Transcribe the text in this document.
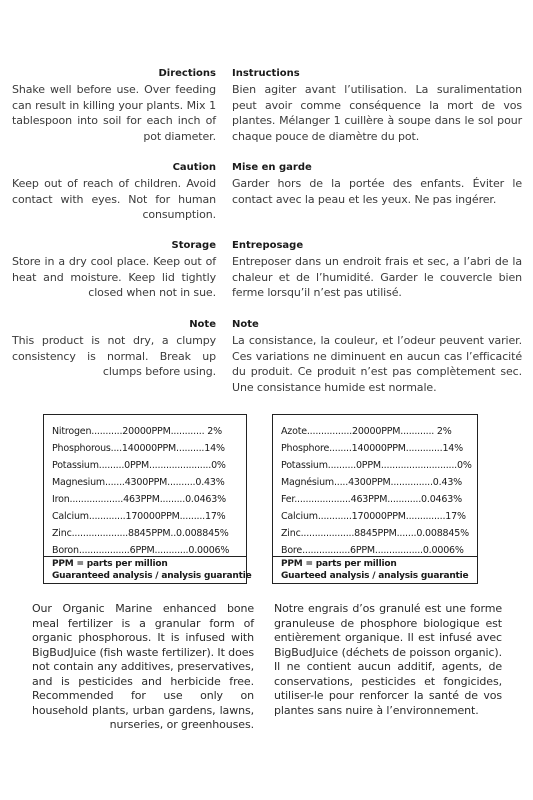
Directions
Shake well before use. Over feeding can result in killing your plants. Mix 1 tablespoon into soil for each inch of pot diameter.
Instructions
Bien agiter avant l’utilisation. La suralimentation peut avoir comme conséquence la mort de vos plantes. Mélanger 1 cuillère à soupe dans le sol pour chaque pouce de diamètre du pot.
Caution
Keep out of reach of children. Avoid contact with eyes. Not for human consumption.
Mise en garde
Garder hors de la portée des enfants. Éviter le contact avec la peau et les yeux. Ne pas ingérer.
Storage
Store in a dry cool place. Keep out of heat and moisture. Keep lid tightly closed when not in sue.
Entreposage
Entreposer dans un endroit frais et sec, a l’abri de la chaleur et de l’humidité. Garder le couvercle bien ferme lorsqu’il n’est pas utilisé.
Note
This product is not dry, a clumpy consistency is normal. Break up clumps before using.
Note
La consistance, la couleur, et l’odeur peuvent varier. Ces variations ne diminuent en aucun cas l’efficacité du produit. Ce produit n’est pas complètement sec. Une consistance humide est normale.
Nitrogen...........20000PPM............ 2%
Phosphorous....140000PPM..........14%
Potassium.........0PPM......................0%
Magnesium.......4300PPM..........0.43%
Iron...................463PPM.........0.0463%
Calcium.............170000PPM.........17%
Zinc....................8845PPM..0.008845%
Boron..................6PPM............0.0006%
PPM = parts per million
Guaranteed analysis / analysis guarantie
Azote................20000PPM............ 2%
Phosphore........140000PPM.............14%
Potassium..........0PPM...........................0%
Magnésium.....4300PPM...............0.43%
Fer....................463PPM............0.0463%
Calcium............170000PPM..............17%
Zinc...................8845PPM.......0.008845%
Bore.................6PPM.................0.0006%
PPM = parts per million
Guarteed analysis / analysis guarantie
Our Organic Marine enhanced bone meal fertilizer is a granular form of organic phosphorous. It is infused with BigBudJuice (fish waste fertilizer). It does not contain any additives, preservatives, and is pesticides and herbicide free. Recommended for use only on household plants, urban gardens, lawns, nurseries, or greenhouses.
Notre engrais d’os granulé est une forme granuleuse de phosphore biologique est entièrement organique. Il est infusé avec BigBudJuice (déchets de poisson organic). Il ne contient aucun additif, agents, de conservations, pesticides et fongicides, utiliser-le pour renforcer la santé de vos plantes sans nuire à l’environnement.
